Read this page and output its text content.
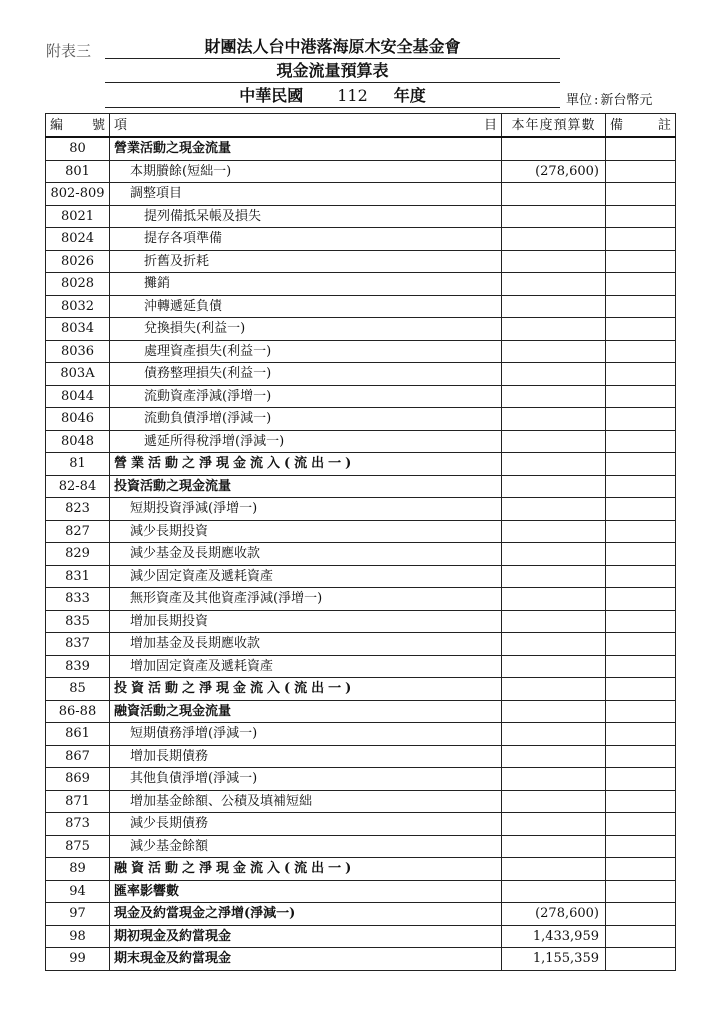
附表三	財團法人台中港落海原木安全基金會
現金流量預算表
中華民國 112 年度	單位 : 新台幣元
編 號	項 目	本年度預算數	備 註

80	營業活動之現金流量		
801	本期賸餘(短絀一)	(278,600)	
802-809	調整項目		
8021	提列備抵呆帳及損失		
8024	提存各項準備		
8026	折舊及折耗		
8028	攤銷		
8032	沖轉遞延負債		
8034	兌換損失(利益一)		
8036	處理資產損失(利益一)		
803A	債務整理損失(利益一)		
8044	流動資產淨減(淨增一)		
8046	流動負債淨增(淨減一)		
8048	遞延所得稅淨增(淨減一)		
81	營業活動之淨現金流入(流出一)		
82-84	投資活動之現金流量		
823	短期投資淨減(淨增一)		
827	減少長期投資		
829	減少基金及長期應收款		
831	減少固定資產及遞耗資產		
833	無形資產及其他資產淨減(淨增一)		
835	增加長期投資		
837	增加基金及長期應收款		
839	增加固定資產及遞耗資產		
85	投資活動之淨現金流入(流出一)		
86-88	融資活動之現金流量		
861	短期債務淨增(淨減一)		
867	增加長期債務		
869	其他負債淨增(淨減一)		
871	增加基金餘額、公積及填補短絀		
873	減少長期債務		
875	減少基金餘額		
89	融資活動之淨現金流入(流出一)		
94	匯率影響數		
97	現金及約當現金之淨增(淨減一)	(278,600)	
98	期初現金及約當現金	1,433,959	
99	期末現金及約當現金	1,155,359	
